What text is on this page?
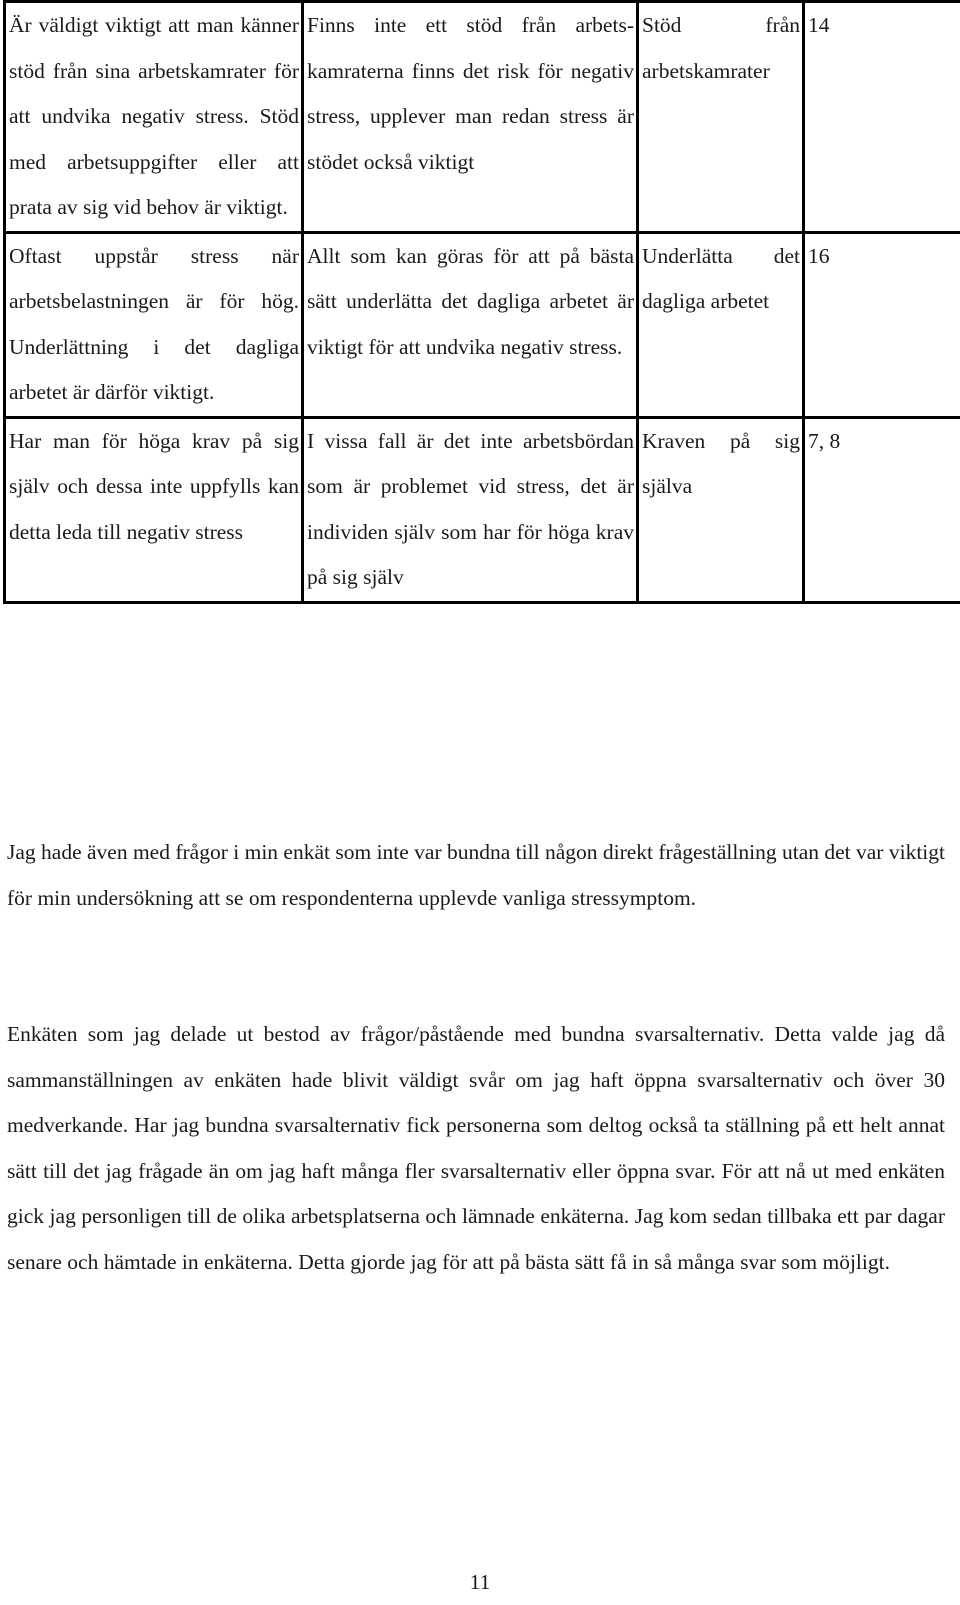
Är väldigt viktigt att man känner stöd från sina arbetskamrater för att undvika negativ stress. Stöd med arbetsuppgifter eller att prata av sig vid behov är viktigt.	Finns inte ett stöd från arbetskamraterna finns det risk för negativ stress, upplever man redan stress är stödet också viktigt	Stöd från arbetskamrater	14
Oftast uppstår stress när arbetsbelastningen är för hög. Underlättning i det dagliga arbetet är därför viktigt.	Allt som kan göras för att på bästa sätt underlätta det dagliga arbetet är viktigt för att undvika negativ stress.	Underlätta det dagliga arbetet	16
Har man för höga krav på sig själv och dessa inte uppfylls kan detta leda till negativ stress	I vissa fall är det inte arbetsbördan som är problemet vid stress, det är individen själv som har för höga krav på sig själv	Kraven på sig själva	7, 8

Jag hade även med frågor i min enkät som inte var bundna till någon direkt frågeställning utan det var viktigt för min undersökning att se om respondenterna upplevde vanliga stressymptom.

Enkäten som jag delade ut bestod av frågor/påstående med bundna svarsalternativ. Detta valde jag då sammanställningen av enkäten hade blivit väldigt svår om jag haft öppna svarsalternativ och över 30 medverkande. Har jag bundna svarsalternativ fick personerna som deltog också ta ställning på ett helt annat sätt till det jag frågade än om jag haft många fler svarsalternativ eller öppna svar. För att nå ut med enkäten gick jag personligen till de olika arbetsplatserna och lämnade enkäterna. Jag kom sedan tillbaka ett par dagar senare och hämtade in enkäterna. Detta gjorde jag för att på bästa sätt få in så många svar som möjligt.

11
